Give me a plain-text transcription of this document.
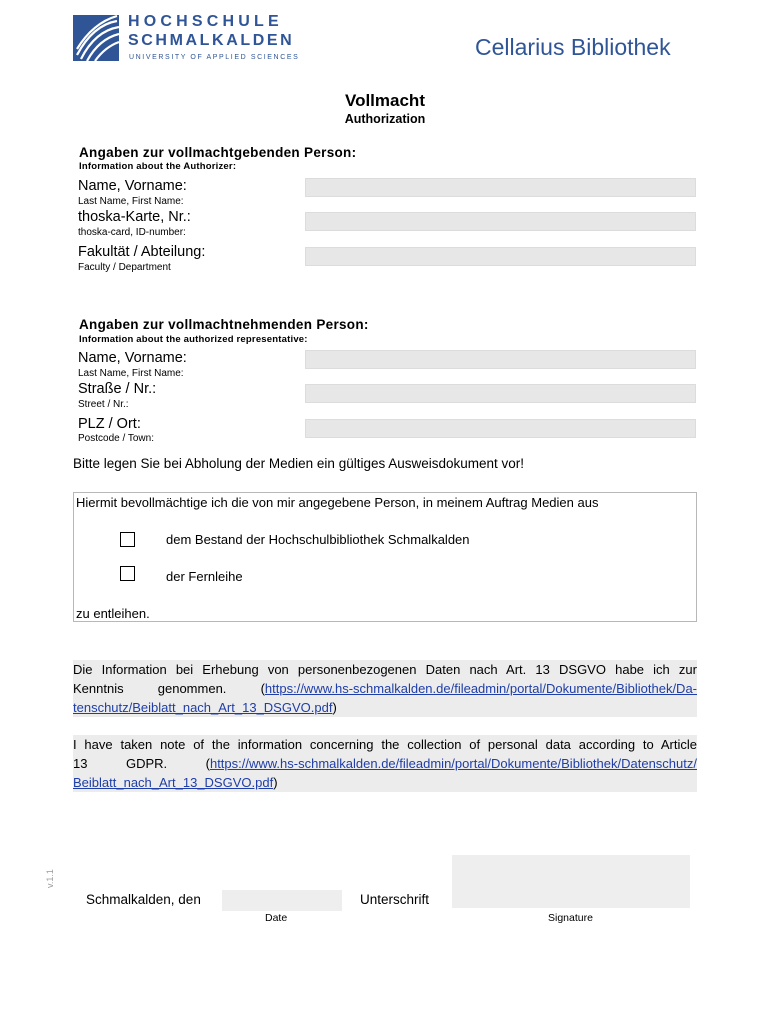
HOCHSCHULE
SCHMALKALDEN
UNIVERSITY OF APPLIED SCIENCES	Cellarius Bibliothek
Vollmacht
Authorization
Angaben zur vollmachtgebenden Person:
Information about the Authorizer:
Name, Vorname:
Last Name, First Name:
thoska-Karte, Nr.:
thoska-card, ID-number:
Fakultät / Abteilung:
Faculty / Department
Angaben zur vollmachtnehmenden Person:
Information about the authorized representative:
Name, Vorname:
Last Name, First Name:
Straße / Nr.:
Street / Nr.:
PLZ / Ort:
Postcode / Town:
Bitte legen Sie bei Abholung der Medien ein gültiges Ausweisdokument vor!
Hiermit bevollmächtige ich die von mir angegebene Person, in meinem Auftrag Medien aus
dem Bestand der Hochschulbibliothek Schmalkalden
der Fernleihe
zu entleihen.
Die Information bei Erhebung von personenbezogenen Daten nach Art. 13 DSGVO habe ich zur
Kenntnis genommen. (https://www.hs-schmalkalden.de/fileadmin/portal/Dokumente/Bibliothek/Da-
tenschutz/Beiblatt_nach_Art_13_DSGVO.pdf)
I have taken note of the information concerning the collection of personal data according to Article
13 GDPR. (https://www.hs-schmalkalden.de/fileadmin/portal/Dokumente/Bibliothek/Datenschutz/
Beiblatt_nach_Art_13_DSGVO.pdf)
v.1.1
Schmalkalden, den
Date
Unterschrift
Signature
